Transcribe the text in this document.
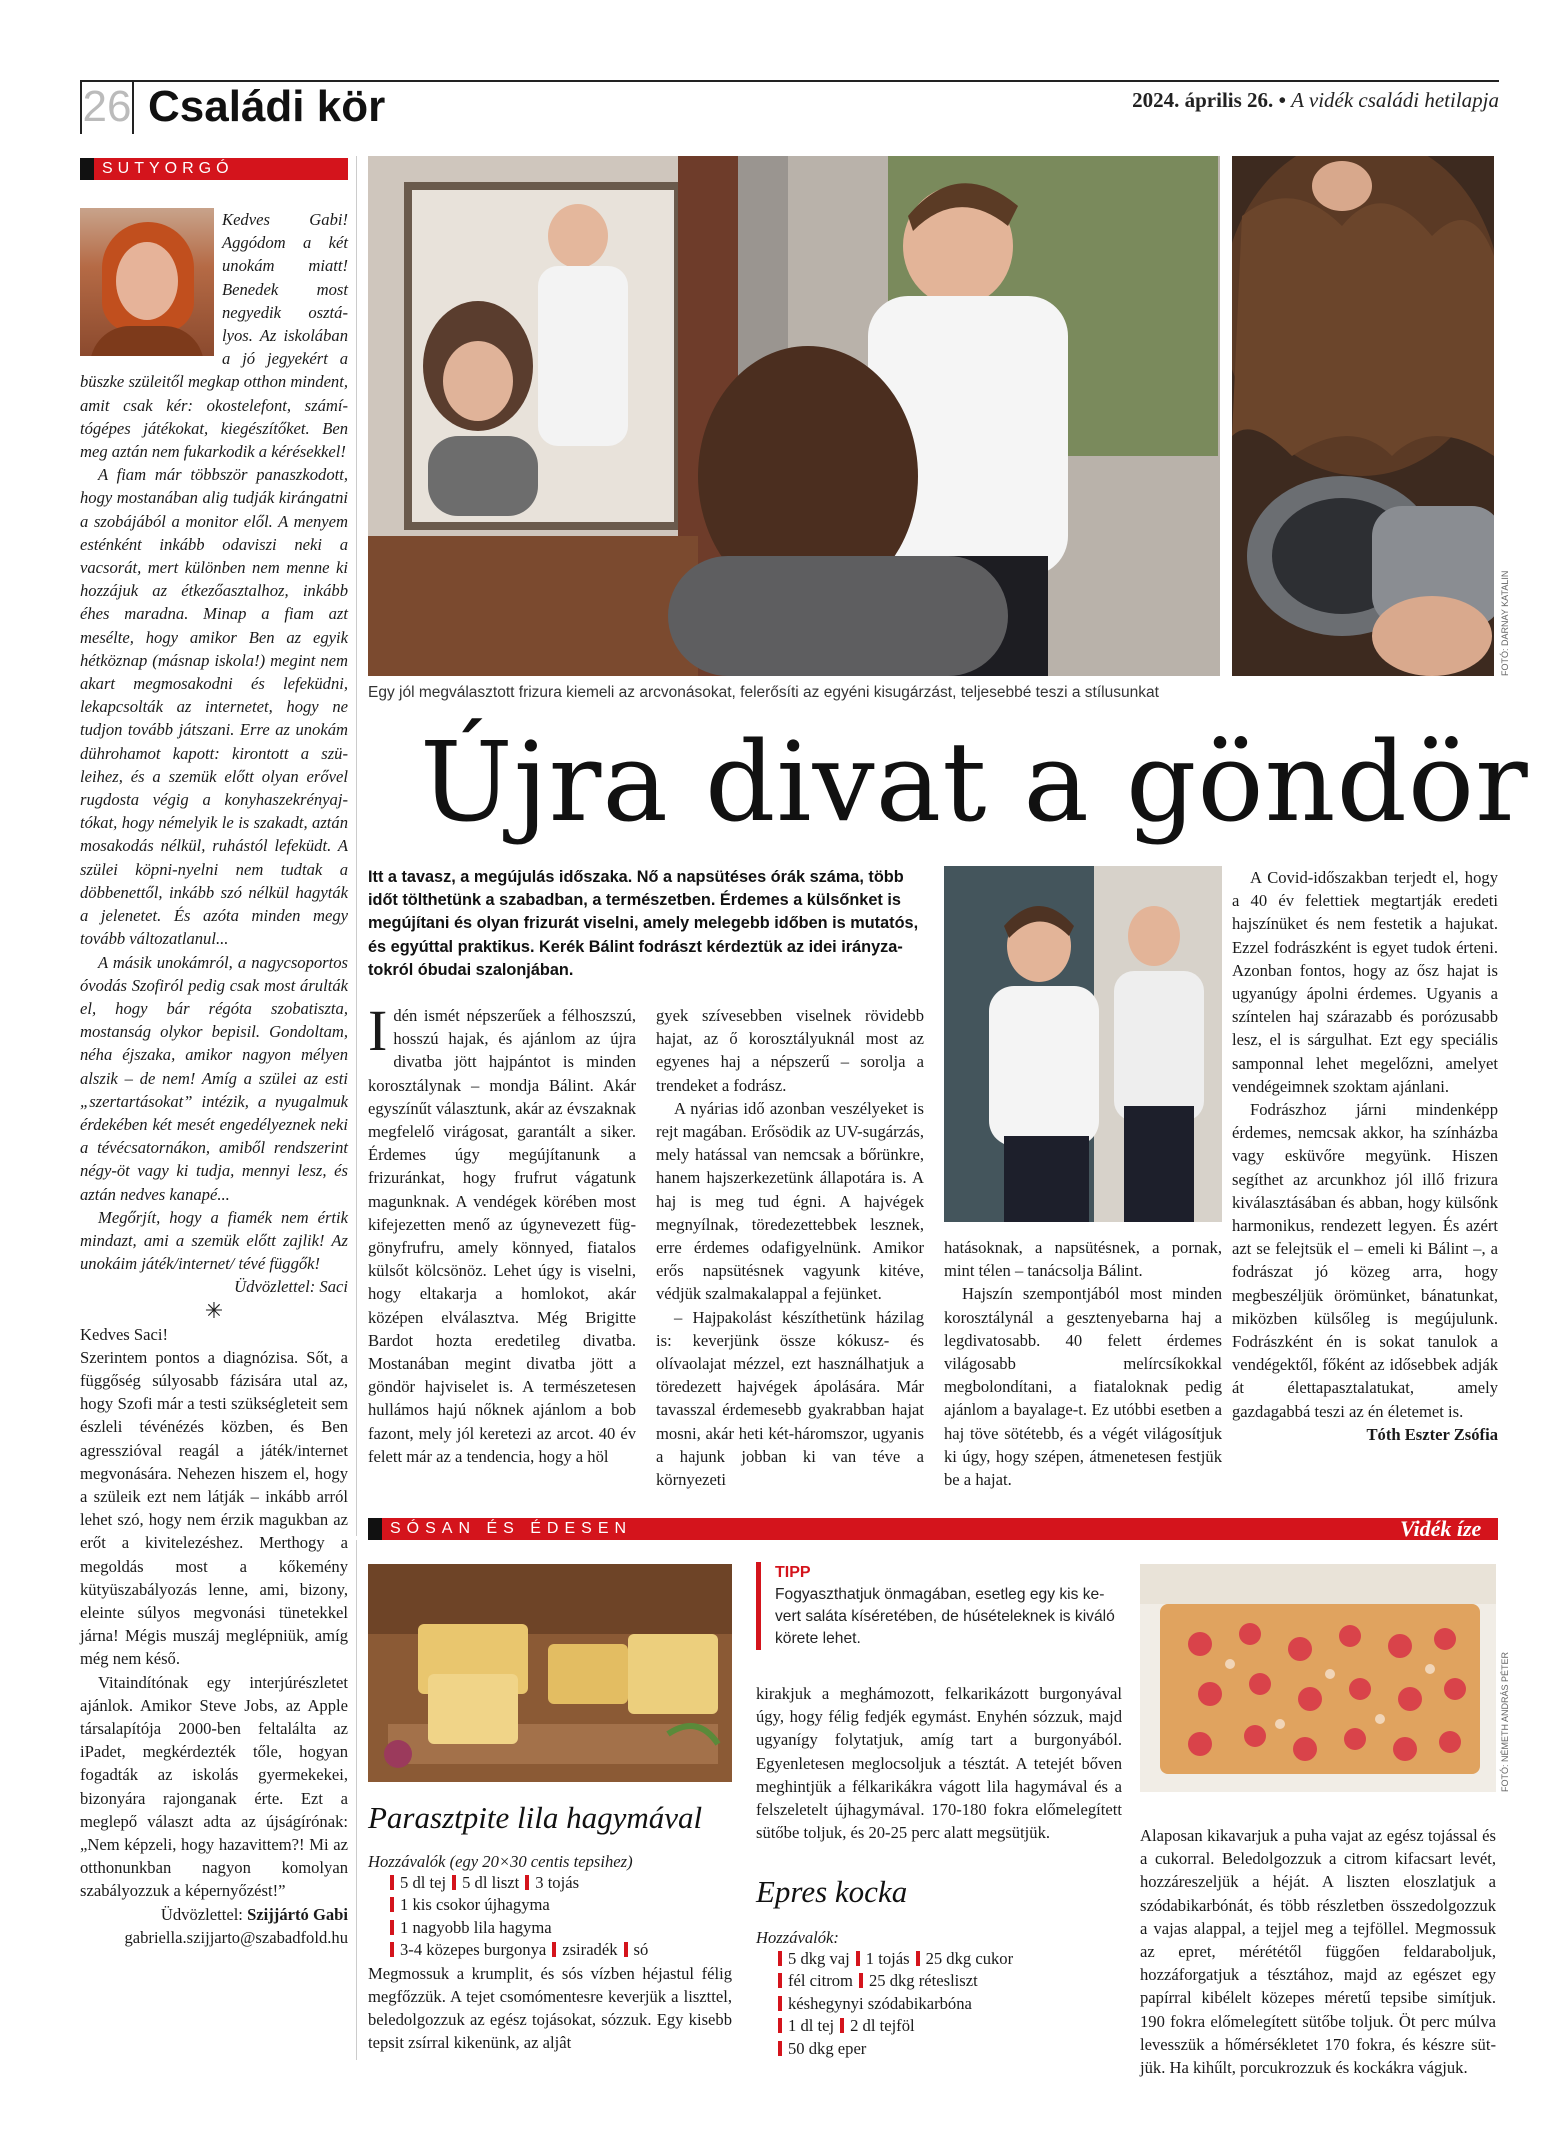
26 Családi kör	2024. április 26. • A vidék családi hetilapja
SUTYORGÓ

Kedves Gabi! Aggódom a két unokám miatt! Benedek most negyedik osztályos. Az iskolában a jó jegyekért a büszke szüleitől megkap otthon mindent, amit csak kér: okostelefont, számítógépes játékokat, kiegészítőket. Ben meg aztán nem fukarkodik a kérésekkel!

A fiam már többször panaszkodott, hogy mostanában alig tudják kirángatni a szobájából a monitor elől. A menyem esténként inkább odaviszi neki a vacsorát, mert különben nem menne ki hozzájuk az étkezőasztalhoz, inkább éhes maradna. Minap a fiam azt mesélte, hogy amikor Ben az egyik hétköznap (másnap iskola!) megint nem akart megmosakodni és lefeküdni, lekapcsolták az internetet, hogy ne tudjon tovább játszani. Erre az unokám dührohamot kapott: kirontott a szüleihez, és a szemük előtt olyan erővel rugdosta végig a konyhaszekrényajtókat, hogy némelyik le is szakadt, aztán mosakodás nélkül, ruhástól lefeküdt. A szülei köpni-nyelni nem tudtak a döbbenettől, inkább szó nélkül hagyták a jelenetet. És azóta minden megy tovább változatlanul...

A másik unokámról, a nagycsoportos óvodás Szofiról pedig csak most árulták el, hogy bár régóta szobatiszta, mostanság olykor bepisil. Gondoltam, néha éjszaka, amikor nagyon mélyen alszik – de nem! Amíg a szülei az esti „szertartásokat” intézik, a nyugalmuk érdekében két mesét engedélyeznek neki a tévécsatornákon, amiből rendszerint négy-öt vagy ki tudja, mennyi lesz, és aztán nedves kanapé...

Megőrjít, hogy a fiamék nem értik mindazt, ami a szemük előtt zajlik! Az unokáim játék/internet/ tévé függők!

Üdvözlettel: Saci
✳

Kedves Saci!

Szerintem pontos a diagnózisa. Sőt, a függőség súlyosabb fázisára utal az, hogy Szofi már a testi szükségleteit sem észleli tévénézés közben, és Ben agresszióval reagál a játék/internet megvonására. Nehezen hiszem el, hogy a szüleik ezt nem látják – inkább arról lehet szó, hogy nem érzik magukban az erőt a kivitelezéshez. Merthogy a megoldás most a kőkemény kütyüszabályozás lenne, ami, bizony, eleinte súlyos megvonási tünetekkel járna! Mégis muszáj meglépniük, amíg még nem késő.

Vitaindítónak egy interjúrészletet ajánlok. Amikor Steve Jobs, az Apple társalapítója 2000-ben feltalálta az iPadet, megkérdezték tőle, hogyan fogadták az iskolás gyermekekei, bizonyára rajonganak érte. Ezt a meglepő választ adta az újságírónak: „Nem képzeli, hogy hazavittem?! Mi az otthonunkban nagyon komolyan szabályozzuk a képernyőzést!”

Üdvözlettel: Szijjártó Gabi
gabriella.szijjarto@szabadfold.hu
FOTÓ: DARNAY KATALIN
Egy jól megválasztott frizura kiemeli az arcvonásokat, felerősíti az egyéni kisugárzást, teljesebbé teszi a stílusunkat
Újra divat a göndör
Itt a tavasz, a megújulás időszaka. Nő a napsütéses órák száma, több időt tölthetünk a szabadban, a természetben. Érdemes a külsőnket is megújítani és olyan frizurát viselni, amely melegebb időben is mutatós, és egyúttal praktikus. Kerék Bálint fodrászt kérdeztük az idei irányzatokról óbudai szalonjában.

Idén ismét népszerűek a félhoszszú, hosszú hajak, és ajánlom az újra divatba jött hajpántot is minden korosztálynak – mondja Bálint. Akár egyszínűt választunk, akár az évszaknak megfelelő virágosat, garantált a siker. Érdemes úgy megújítanunk a frizuránkat, hogy frufrut vágatunk magunknak. A vendégek körében most kifejezetten menő az úgynevezett függönyfrufru, amely könnyed, fiatalos külsőt kölcsönöz. Lehet úgy is viselni, hogy eltakarja a homlokot, akár középen elválasztva. Még Brigitte Bardot hozta eredetileg divatba. Mostanában megint divatba jött a göndör hajviselet is. A természetesen hullámos hajú nőknek ajánlom a bob fazont, mely jól keretezi az arcot. 40 év felett már az a tendencia, hogy a höl

gyek szívesebben viselnek rövidebb hajat, az ő korosztályuknál most az egyenes haj a népszerű – sorolja a trendeket a fodrász.

A nyárias idő azonban veszélyeket is rejt magában. Erősödik az UV-sugárzás, mely hatással van nemcsak a bőrünkre, hanem hajszerkezetünk állapotára is. A haj is meg tud égni. A hajvégek megnyílnak, töredezettebbek lesznek, erre érdemes odafigyelnünk. Amikor erős napsütésnek vagyunk kitéve, védjük szalmakalappal a fejünket.

– Hajpakolást készíthetünk házilag is: keverjünk össze kókusz- és olívaolajat mézzel, ezt használhatjuk a töredezett hajvégek ápolására. Már tavasszal érdemesebb gyakrabban hajat mosni, akár heti két-háromszor, ugyanis a hajunk jobban ki van téve a környezeti

hatásoknak, a napsütésnek, a pornak, mint télen – tanácsolja Bálint.

Hajszín szempontjából most minden korosztálynál a gesztenyebarna haj a legdivatosabb. 40 felett érdemes világosabb melírcsíkokkal megbolondítani, a fiataloknak pedig ajánlom a bayalage-t. Ez utóbbi esetben a haj töve sötétebb, és a végét világosítjuk ki úgy, hogy szépen, átmenetesen festjük be a hajat.

A Covid-időszakban terjedt el, hogy a 40 év felettiek megtartják eredeti hajszínüket és nem festetik a hajukat. Ezzel fodrászként is egyet tudok érteni. Azonban fontos, hogy az ősz hajat is ugyanúgy ápolni érdemes. Ugyanis a színtelen haj szárazabb és porózusabb lesz, el is sárgulhat. Ezt egy speciális samponnal lehet megelőzni, amelyet vendégeimnek szoktam ajánlani.

Fodrászhoz járni mindenképp érdemes, nemcsak akkor, ha színházba vagy esküvőre megyünk. Hiszen segíthet az arcunkhoz jól illő frizura kiválasztásában és abban, hogy külsőnk harmonikus, rendezett legyen. És azért azt se felejtsük el – emeli ki Bálint –, a fodrászat jó közeg arra, hogy megbeszéljük örömünket, bánatunkat, miközben külsőleg is megújulunk. Fodrászként én is sokat tanulok a vendégektől, főként az idősebbek adják át élettapasztalatukat, amely gazdagabbá teszi az én életemet is.

Tóth Eszter Zsófia
SÓSAN ÉS ÉDESEN	Vidék íze
Parasztpite lila hagymával
Hozzávalók (egy 20×30 centis tepsihez)
5 dl tej 5 dl liszt 3 tojás
1 kis csokor újhagyma
1 nagyobb lila hagyma
3-4 közepes burgonya zsiradék só
Megmossuk a krumplit, és sós vízben héjastul félig megfőzzük. A tejet csomómentesre keverjük a liszttel, beledolgozzuk az egész tojásokat, sózzuk. Egy kisebb tepsit zsírral kikenünk, az aljât
TIPP
Fogyaszthatjuk önmagában, esetleg egy kis kevert saláta kíséretében, de húsételeknek is kiváló körete lehet.
kirakjuk a meghámozott, felkarikázott burgonyával úgy, hogy félig fedjék egymást. Enyhén sózzuk, majd ugyanígy folytatjuk, amíg tart a burgonyából. Egyenletesen meglocsoljuk a tésztát. A tetejét bőven meghintjük a félkarikákra vágott lila hagymával és a felszeletelt újhagymával. 170-180 fokra előmelegített sütőbe toljuk, és 20-25 perc alatt megsütjük.
Epres kocka
Hozzávalók:
5 dkg vaj 1 tojás 25 dkg cukor
fél citrom 25 dkg rétesliszt
késhegynyi szódabikarbóna
1 dl tej 2 dl tejföl
50 dkg eper
FOTÓ: NÉMETH ANDRÁS PÉTER
Alaposan kikavarjuk a puha vajat az egész tojással és a cukorral. Beledolgozzuk a citrom kifacsart levét, hozzáreszeljük a héját. A liszten eloszlatjuk a szódabikarbónát, és több részletben összedolgozzuk a vajas alappal, a tejjel meg a tejföllel. Megmossuk az epret, mérététől függően feldaraboljuk, hozzáforgatjuk a tésztához, majd az egészet egy papírral kibélelt közepes méretű tepsibe simítjuk. 190 fokra előmelegített sütőbe toljuk. Öt perc múlva levesszük a hőmérsékletet 170 fokra, és készre sütjük. Ha kihűlt, porcukrozzuk és kockákra vágjuk.
